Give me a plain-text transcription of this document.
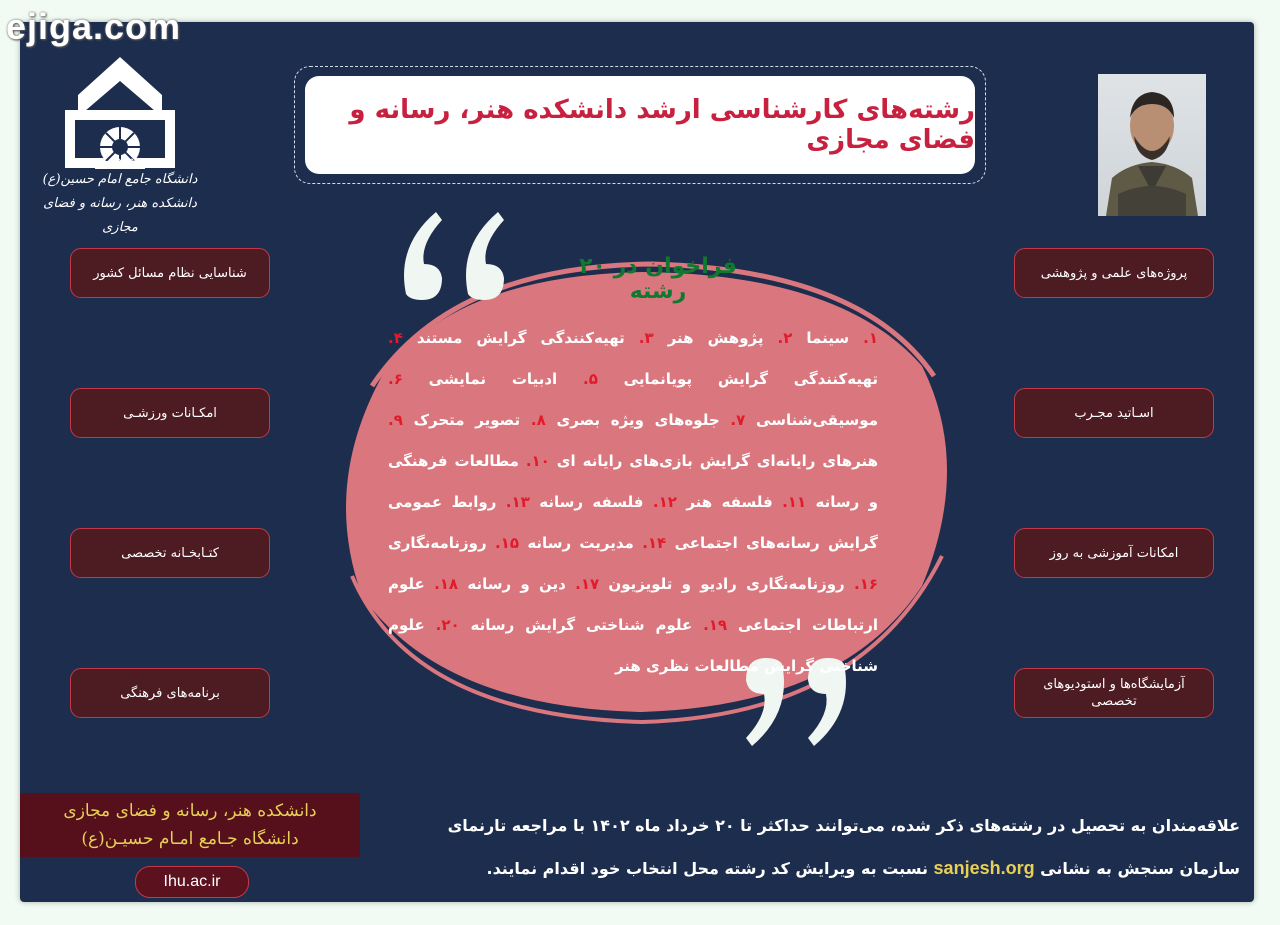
ejiga.com
۱۳۶۵
دانشگاه جامع امام حسین(ع)
دانشکده هنر، رسانه و فضای مجازی
رشته‌های کارشناسی ارشد دانشکده هنر، رسانه و فضای مجازی
شناسایی نظام مسائل کشور
امکـانات ورزشـی
کتـابخـانه تخصصی
برنامه‌های فرهنگی
پروژه‌های علمی و پژوهشی
اسـاتید مجـرب
امکانات آموزشی به روز
آزمایشگاه‌ها و استودیوهای تخصصی
فراخوان در ۲۰ رشته
۱. سینما ۲. پژوهش هنر ۳. تهیه‌کنندگی گرایش مستند ۴. تهیه‌کنندگی گرایش پویانمایی ۵. ادبیات نمایشی ۶. موسیقی‌شناسی ۷. جلوه‌های ویژه بصری ۸. تصویر متحرک ۹. هنرهای رایانه‌ای گرایش بازی‌های رایانه ای ۱۰. مطالعات فرهنگی و رسانه ۱۱. فلسفه هنر ۱۲. فلسفه رسانه ۱۳. روابط عمومی گرایش رسانه‌های اجتماعی ۱۴. مدیریت رسانه ۱۵. روزنامه‌نگاری ۱۶. روزنامه‌نگاری رادیو و تلویزیون ۱۷. دین و رسانه ۱۸. علوم ارتباطات اجتماعی ۱۹. علوم شناختی گرایش رسانه ۲۰. علوم شناختی گرایش مطالعات نظری هنر
دانشکده هنر، رسانه و فضای مجازی
دانشگاه جـامع امـام حسیـن(ع)
Ihu.ac.ir
علاقه‌مندان به تحصیل در رشته‌های ذکر شده، می‌توانند حداکثر تا ۲۰ خرداد ماه ۱۴۰۲ با مراجعه تارنمای سازمان سنجش به نشانی sanjesh.org نسبت به ویرایش کد رشته محل انتخاب خود اقدام نمایند.
